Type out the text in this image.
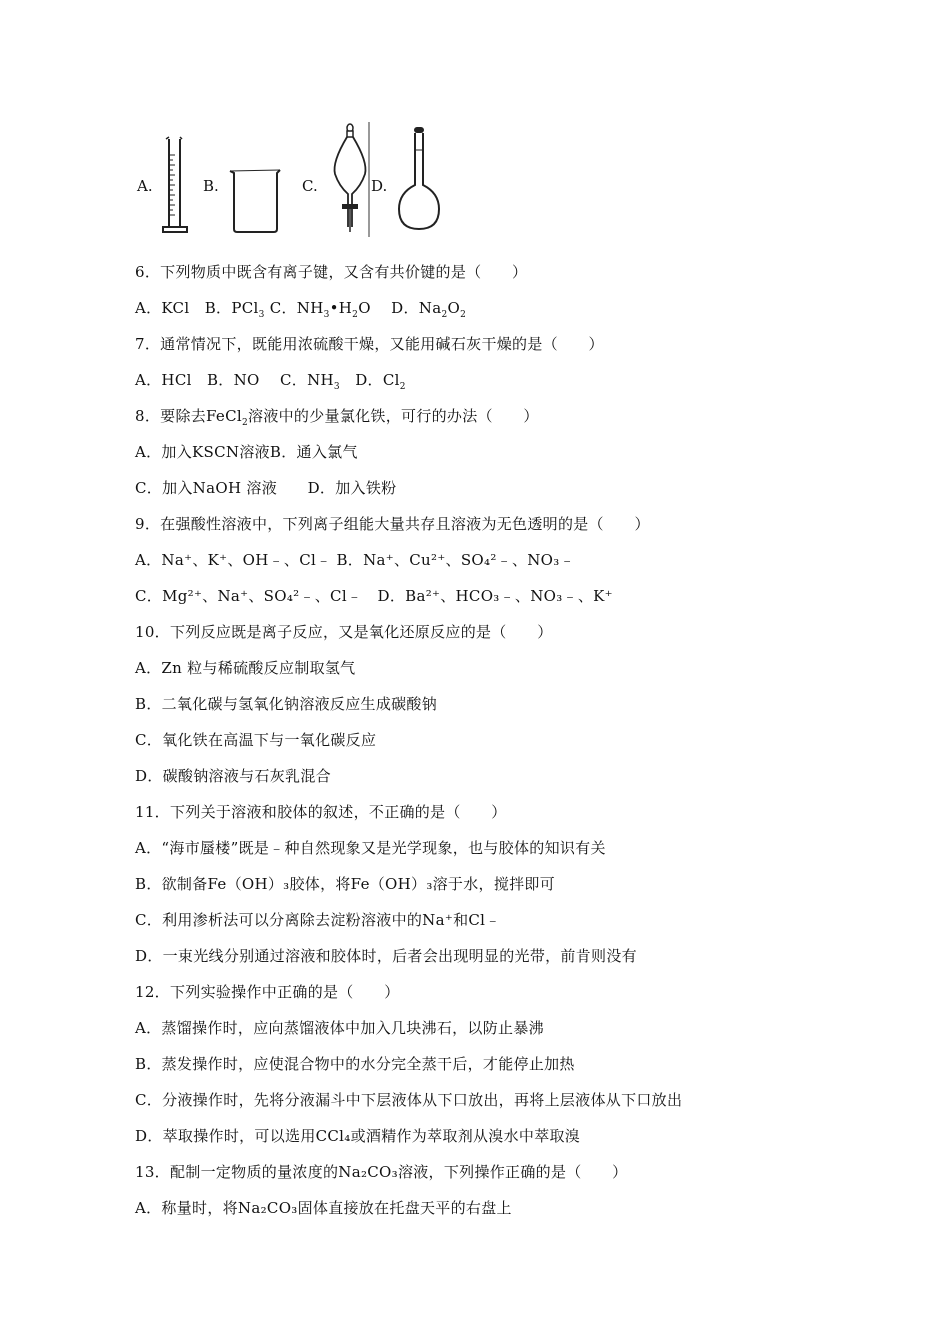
A.	B.	C.	D.
6．下列物质中既含有离子键，又含有共价键的是（　　）
A．KCl　B．PCl$_3$ C．$NH_3•H_2O$　 D．$Na_2O_2$
7．通常情况下，既能用浓硫酸干燥，又能用碱石灰干燥的是（　　）
A．HCl　B．NO　 C．$NH_3$　D．$Cl_2$
8．要除去FeCl$_2$溶液中的少量氯化铁，可行的办法（　　）
A．加入KSCN溶液B．通入氯气
C．加入NaOH 溶液　　D．加入铁粉
9．在强酸性溶液中，下列离子组能大量共存且溶液为无色透明的是（　　）
A．Na⁺、K⁺、OH﹣、Cl﹣ B．Na⁺、Cu²⁺、SO₄²﹣、NO₃﹣
C．Mg²⁺、Na⁺、SO₄²﹣、Cl﹣　D．Ba²⁺、HCO₃﹣、NO₃﹣、K⁺
10．下列反应既是离子反应，又是氧化还原反应的是（　　）
A．Zn 粒与稀硫酸反应制取氢气
B．二氧化碳与氢氧化钠溶液反应生成碳酸钠
C．氧化铁在高温下与一氧化碳反应
D．碳酸钠溶液与石灰乳混合
11．下列关于溶液和胶体的叙述，不正确的是（　　）
A．“海市蜃楼”既是﹣种自然现象又是光学现象，也与胶体的知识有关
B．欲制备Fe（OH）₃胶体，将Fe（OH）₃溶于水，搅拌即可
C．利用渗析法可以分离除去淀粉溶液中的Na⁺和Cl﹣
D．一束光线分别通过溶液和胶体时，后者会出现明显的光带，前肯则没有
12．下列实验操作中正确的是（　　）
A．蒸馏操作时，应向蒸馏液体中加入几块沸石，以防止暴沸
B．蒸发操作时，应使混合物中的水分完全蒸干后，才能停止加热
C．分液操作时，先将分液漏斗中下层液体从下口放出，再将上层液体从下口放出
D．萃取操作时，可以选用CCl₄或酒精作为萃取剂从溴水中萃取溴
13．配制一定物质的量浓度的Na₂CO₃溶液，下列操作正确的是（　　）
A．称量时，将Na₂CO₃固体直接放在托盘天平的右盘上
